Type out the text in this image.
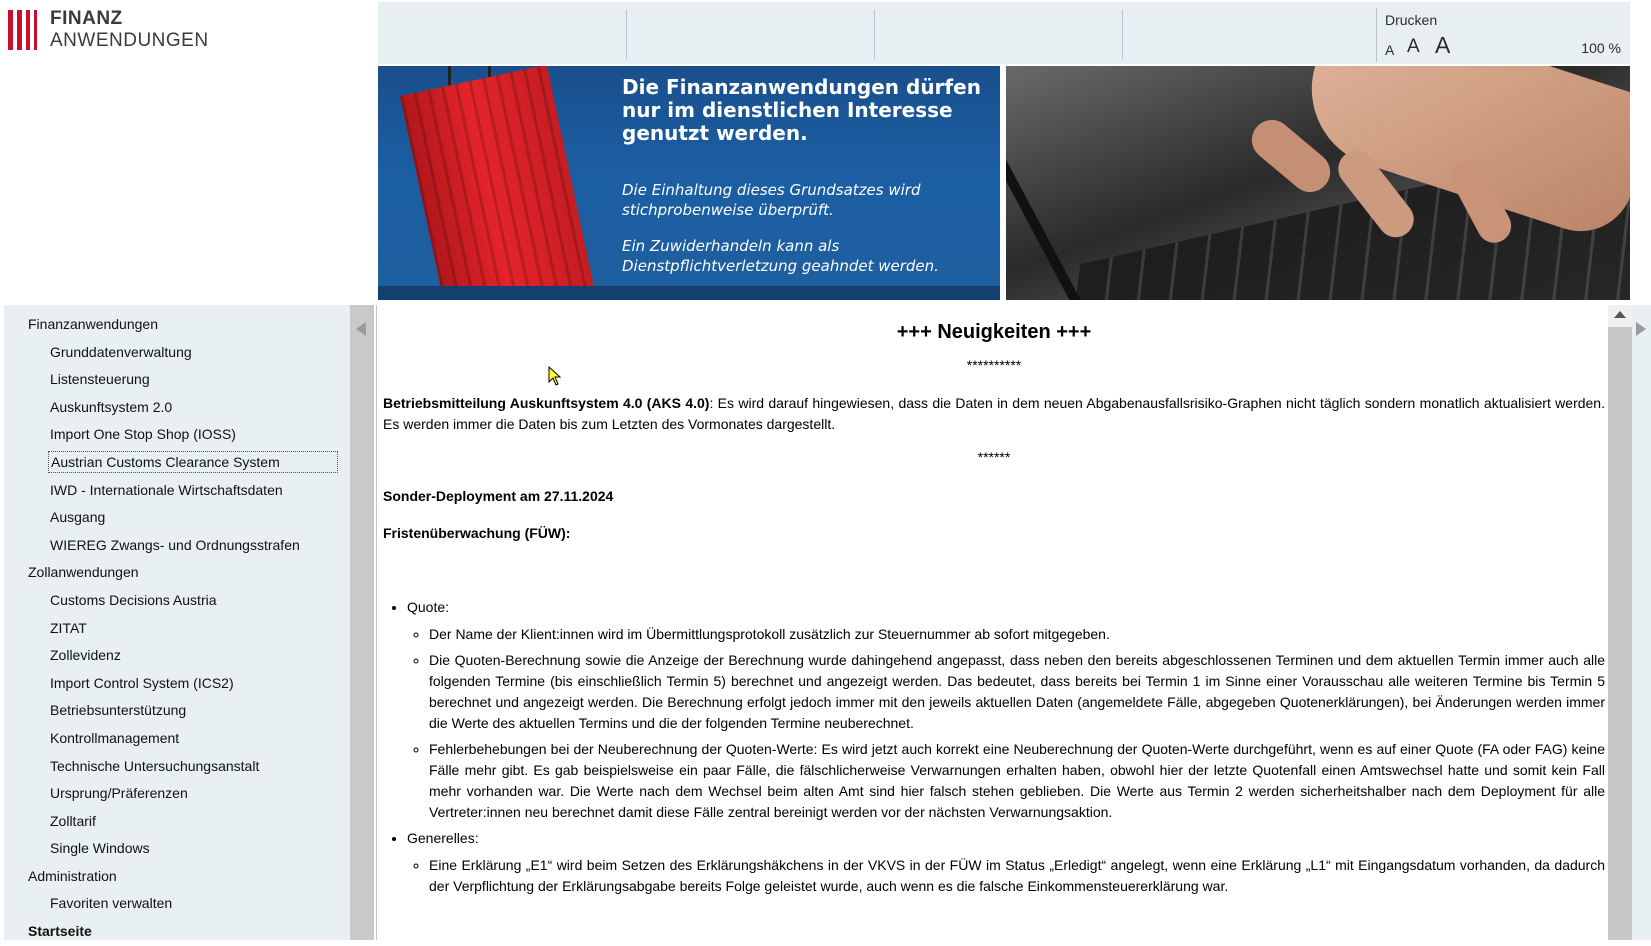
FINANZ
ANWENDUNGEN
Drucken
A A A	100 %
Die Finanzanwendungen dürfen
nur im dienstlichen Interesse
genutzt werden.
Die Einhaltung dieses Grundsatzes wird
stichprobenweise überprüft.
Ein Zuwiderhandeln kann als
Dienstpflichtverletzung geahndet werden.
Finanzanwendungen
Grunddatenverwaltung
Listensteuerung
Auskunftsystem 2.0
Import One Stop Shop (IOSS)
Austrian Customs Clearance System
IWD - Internationale Wirtschaftsdaten
Ausgang
WIEREG Zwangs- und Ordnungsstrafen
Zollanwendungen
Customs Decisions Austria
ZITAT
Zollevidenz
Import Control System (ICS2)
Betriebsunterstützung
Kontrollmanagement
Technische Untersuchungsanstalt
Ursprung/Präferenzen
Zolltarif
Single Windows
Administration
Favoriten verwalten
Startseite
+++ Neuigkeiten +++
**********

Betriebsmitteilung Auskunftsystem 4.0 (AKS 4.0): Es wird darauf hingewiesen, dass die Daten in dem neuen Abgabenausfallsrisiko-Graphen nicht täglich sondern monatlich aktualisiert werden. Es werden immer die Daten bis zum Letzten des Vormonates dargestellt.

******
Sonder-Deployment am 27.11.2024
Fristenüberwachung (FÜW):
• Quote:
◦ Der Name der Klient:innen wird im Übermittlungsprotokoll zusätzlich zur Steuernummer ab sofort mitgegeben.
◦ Die Quoten-Berechnung sowie die Anzeige der Berechnung wurde dahingehend angepasst, dass neben den bereits abgeschlossenen Terminen und dem aktuellen Termin immer auch alle folgenden Termine (bis einschließlich Termin 5) berechnet und angezeigt werden. Das bedeutet, dass bereits bei Termin 1 im Sinne einer Vorausschau alle weiteren Termine bis Termin 5 berechnet und angezeigt werden. Die Berechnung erfolgt jedoch immer mit den jeweils aktuellen Daten (angemeldete Fälle, abgegeben Quotenerklärungen), bei Änderungen werden immer die Werte des aktuellen Termins und die der folgenden Termine neuberechnet.
◦ Fehlerbehebungen bei der Neuberechnung der Quoten-Werte: Es wird jetzt auch korrekt eine Neuberechnung der Quoten-Werte durchgeführt, wenn es auf einer Quote (FA oder FAG) keine Fälle mehr gibt. Es gab beispielsweise ein paar Fälle, die fälschlicherweise Verwarnungen erhalten haben, obwohl hier der letzte Quotenfall einen Amtswechsel hatte und somit kein Fall mehr vorhanden war. Die Werte nach dem Wechsel beim alten Amt sind hier falsch stehen geblieben. Die Werte aus Termin 2 werden sicherheitshalber nach dem Deployment für alle Vertreter:innen neu berechnet damit diese Fälle zentral bereinigt werden vor der nächsten Verwarnungsaktion.
• Generelles:
◦ Eine Erklärung „E1“ wird beim Setzen des Erklärungshäkchens in der VKVS in der FÜW im Status „Erledigt“ angelegt, wenn eine Erklärung „L1“ mit Eingangsdatum vorhanden, da dadurch der Verpflichtung der Erklärungsabgabe bereits Folge geleistet wurde, auch wenn es die falsche Einkommensteuererklärung war.
